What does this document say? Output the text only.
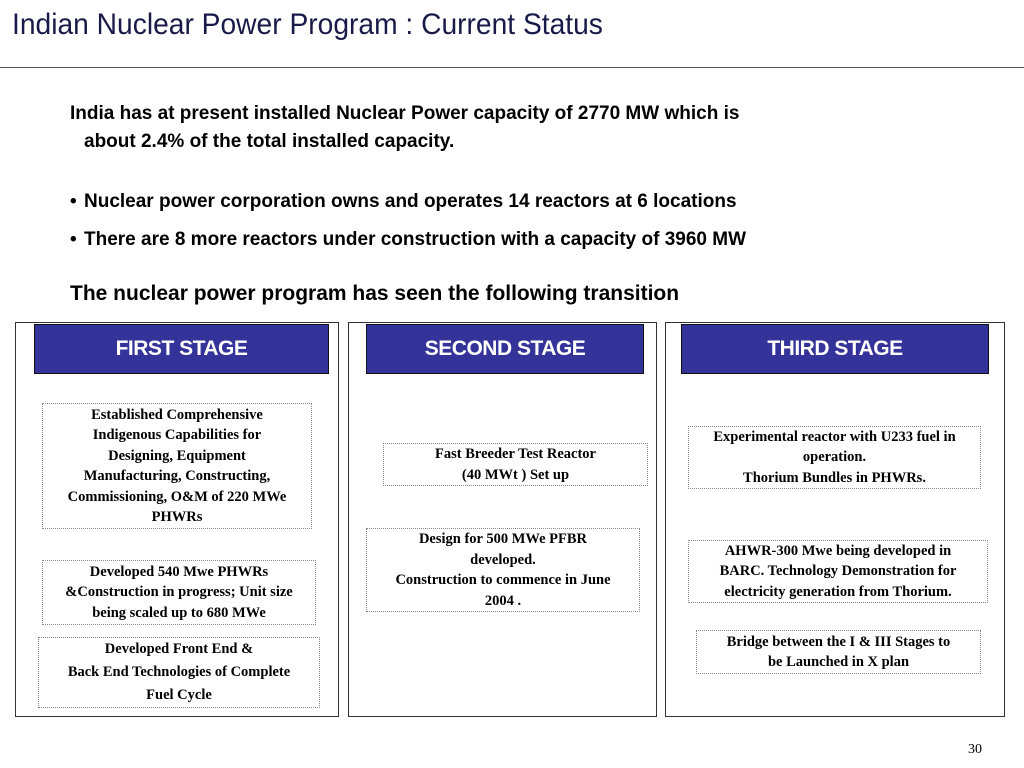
Indian Nuclear Power Program : Current Status
India has at present installed Nuclear Power capacity of 2770 MW which is
about 2.4% of the total installed capacity.
• Nuclear power corporation owns and operates 14 reactors at 6 locations
• There are 8 more reactors under construction with a capacity of 3960 MW
The nuclear power program has seen the following transition
FIRST STAGE
Established Comprehensive
Indigenous Capabilities for
Designing, Equipment
Manufacturing, Constructing,
Commissioning, O&M of 220 MWe
PHWRs
Developed 540 Mwe PHWRs
&Construction in progress; Unit size
being scaled up to 680 MWe
Developed Front End &
Back End Technologies of Complete
Fuel Cycle
SECOND STAGE
Fast Breeder Test Reactor
(40 MWt ) Set up
Design for 500 MWe PFBR
developed.
Construction to commence in June
2004 .
THIRD STAGE
Experimental reactor with U233 fuel in
operation.
Thorium Bundles in PHWRs.
AHWR-300 Mwe being developed in
BARC. Technology Demonstration for
electricity generation from Thorium.
Bridge between the I & III Stages to
be Launched in X plan
30
